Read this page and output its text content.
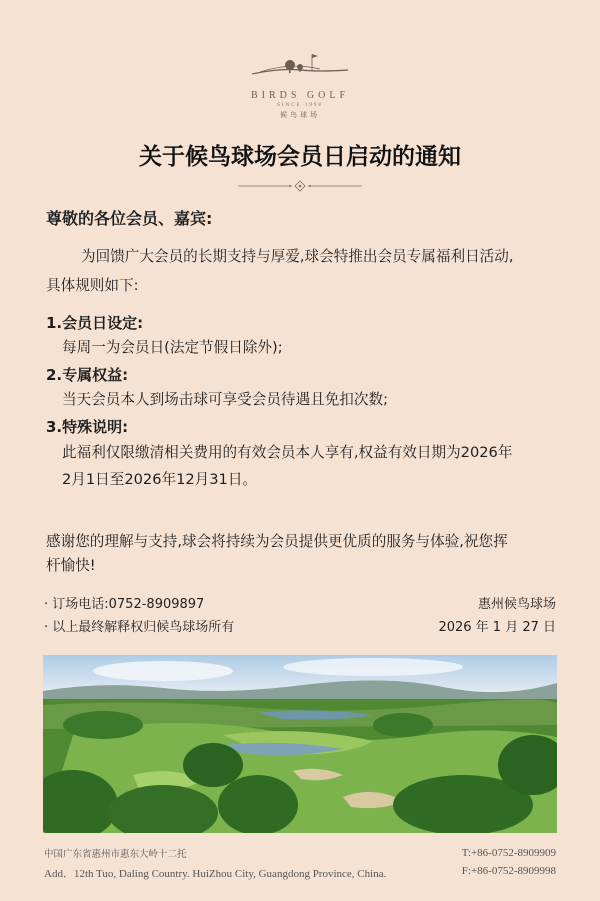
BIRDS GOLF
SINCE 1998
候鸟球场
关于候鸟球场会员日启动的通知
尊敬的各位会员、嘉宾:
为回馈广大会员的长期支持与厚爱,球会特推出会员专属福利日活动,
具体规则如下:
1.会员日设定:
每周一为会员日(法定节假日除外);
2.专属权益:
当天会员本人到场击球可享受会员待遇且免扣次数;
3.特殊说明:
此福利仅限缴清相关费用的有效会员本人享有,权益有效日期为2026年
2月1日至2026年12月31日。
感谢您的理解与支持,球会将持续为会员提供更优质的服务与体验,祝您挥
杆愉快!
· 订场电话:0752-8909897
· 以上最终解释权归候鸟球场所有
惠州候鸟球场
2026 年 1 月 27 日
中国广东省惠州市惠东大岭十二托
Add．12th Tuo, Daling Country. HuiZhou City, Guangdong Province, China.
T:+86-0752-8909909
F:+86-0752-8909998
